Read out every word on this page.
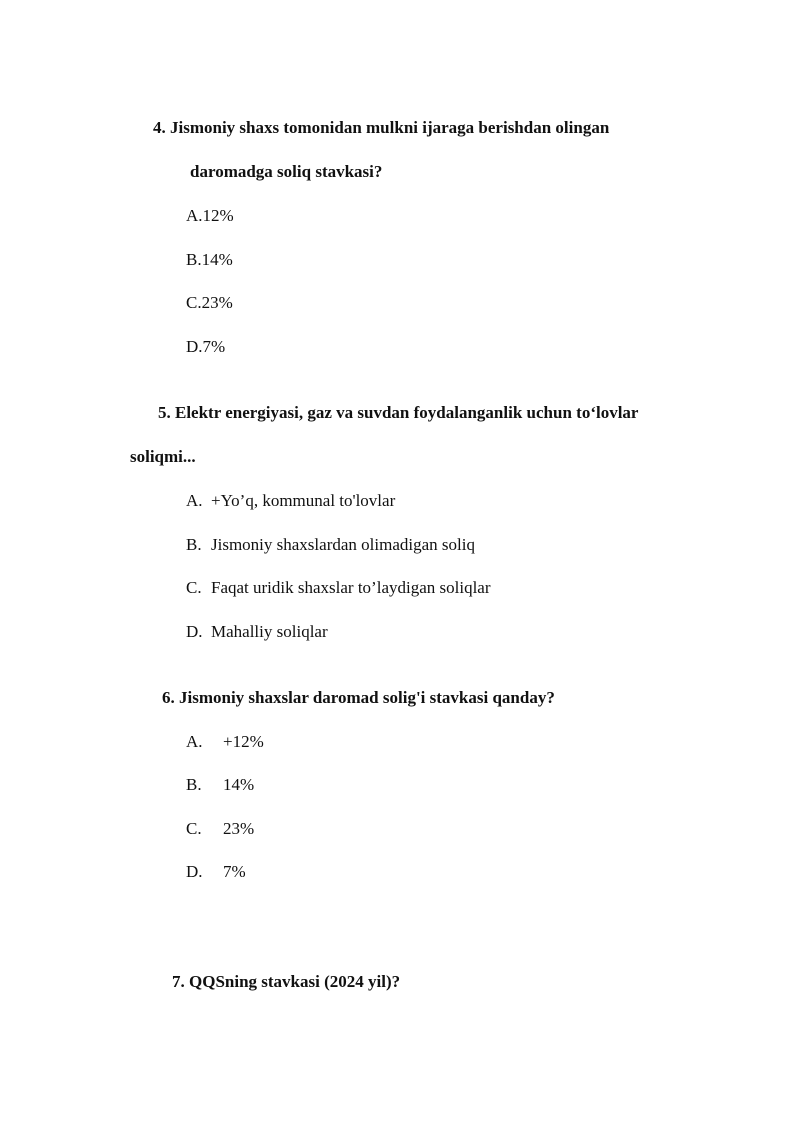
4. Jismoniy shaxs tomonidan mulkni ijaraga berishdan olingan
daromadga soliq stavkasi?
A.12%
B.14%
C.23%
D.7%
5. Elektr energiyasi, gaz va suvdan foydalanganlik uchun to‘lovlar
soliqmi...
A. +Yo’q, kommunal to'lovlar
B. Jismoniy shaxslardan olimadigan soliq
C. Faqat uridik shaxslar to’laydigan soliqlar
D. Mahalliy soliqlar
6. Jismoniy shaxslar daromad solig'i stavkasi qanday?
A. +12%
B. 14%
C. 23%
D. 7%
7. QQSning stavkasi (2024 yil)?
